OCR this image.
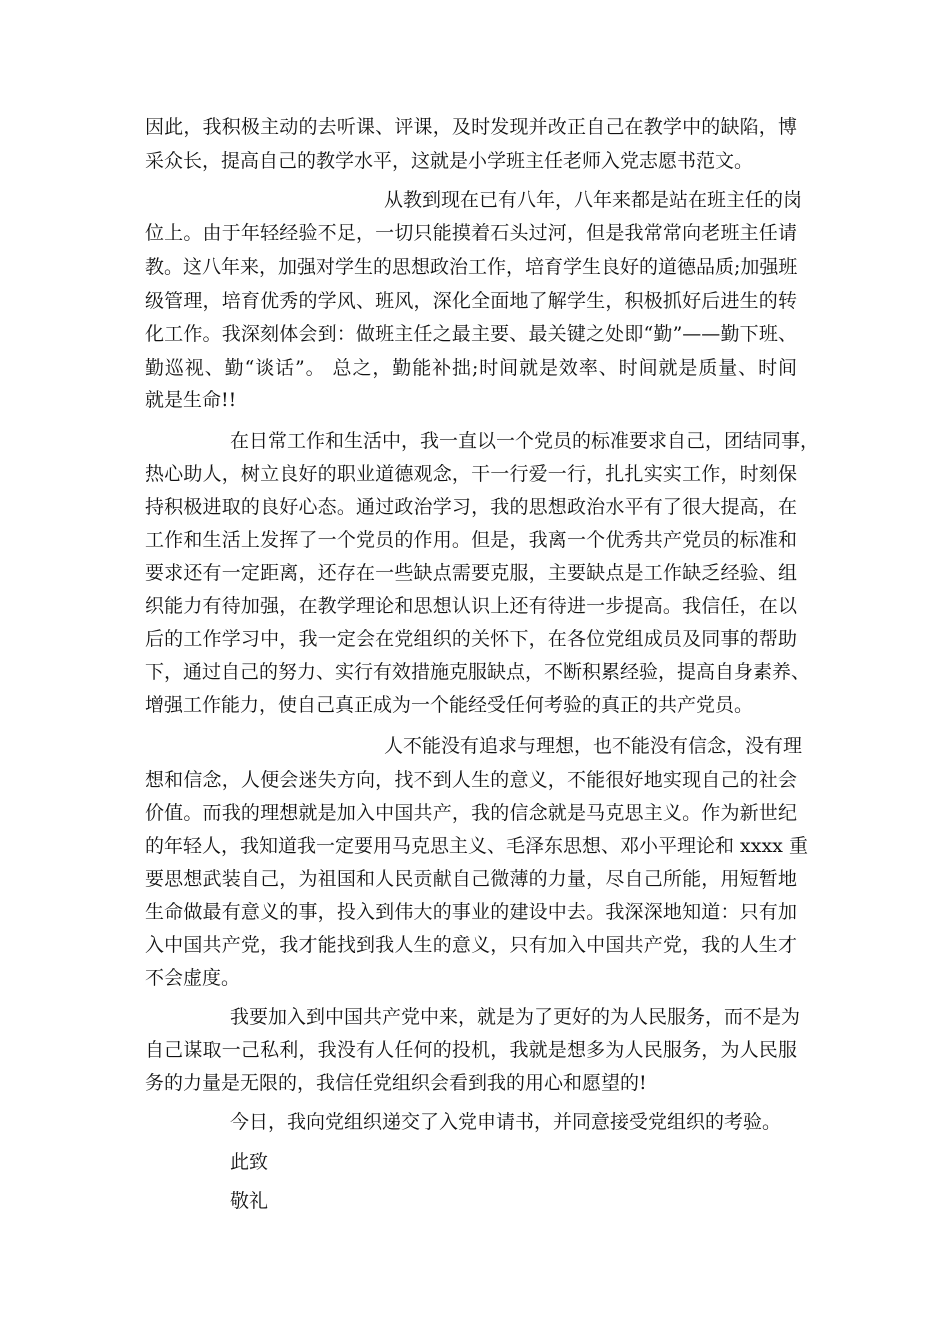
因此，我积极主动的去听课、评课，及时发现并改正自己在教学中的缺陷，博

采众长，提高自己的教学水平，这就是小学班主任老师入党志愿书范文。

从教到现在已有八年，八年来都是站在班主任的岗

位上。由于年轻经验不足，一切只能摸着石头过河，但是我常常向老班主任请

教。这八年来，加强对学生的思想政治工作，培育学生良好的道德品质;加强班

级管理，培育优秀的学风、班风，深化全面地了解学生，积极抓好后进生的转

化工作。我深刻体会到：做班主任之最主要、最关键之处即“勤”——勤下班、

勤巡视、勤“谈话”。 总之，勤能补拙;时间就是效率、时间就是质量、时间

就是生命!!

在日常工作和生活中，我一直以一个党员的标准要求自己，团结同事，

热心助人，树立良好的职业道德观念，干一行爱一行，扎扎实实工作，时刻保

持积极进取的良好心态。通过政治学习，我的思想政治水平有了很大提高，在

工作和生活上发挥了一个党员的作用。但是，我离一个优秀共产党员的标准和

要求还有一定距离，还存在一些缺点需要克服，主要缺点是工作缺乏经验、组

织能力有待加强，在教学理论和思想认识上还有待进一步提高。我信任，在以

后的工作学习中，我一定会在党组织的关怀下，在各位党组成员及同事的帮助

下，通过自己的努力、实行有效措施克服缺点，不断积累经验，提高自身素养、

增强工作能力，使自己真正成为一个能经受任何考验的真正的共产党员。

人不能没有追求与理想，也不能没有信念，没有理

想和信念，人便会迷失方向，找不到人生的意义，不能很好地实现自己的社会

价值。而我的理想就是加入中国共产，我的信念就是马克思主义。作为新世纪

的年轻人，我知道我一定要用马克思主义、毛泽东思想、邓小平理论和 xxxx 重

要思想武装自己，为祖国和人民贡献自己微薄的力量，尽自己所能，用短暂地

生命做最有意义的事，投入到伟大的事业的建设中去。我深深地知道：只有加

入中国共产党，我才能找到我人生的意义，只有加入中国共产党，我的人生才

不会虚度。

我要加入到中国共产党中来，就是为了更好的为人民服务，而不是为

自己谋取一己私利，我没有人任何的投机，我就是想多为人民服务，为人民服

务的力量是无限的，我信任党组织会看到我的用心和愿望的!

今日，我向党组织递交了入党申请书，并同意接受党组织的考验。

此致

敬礼
